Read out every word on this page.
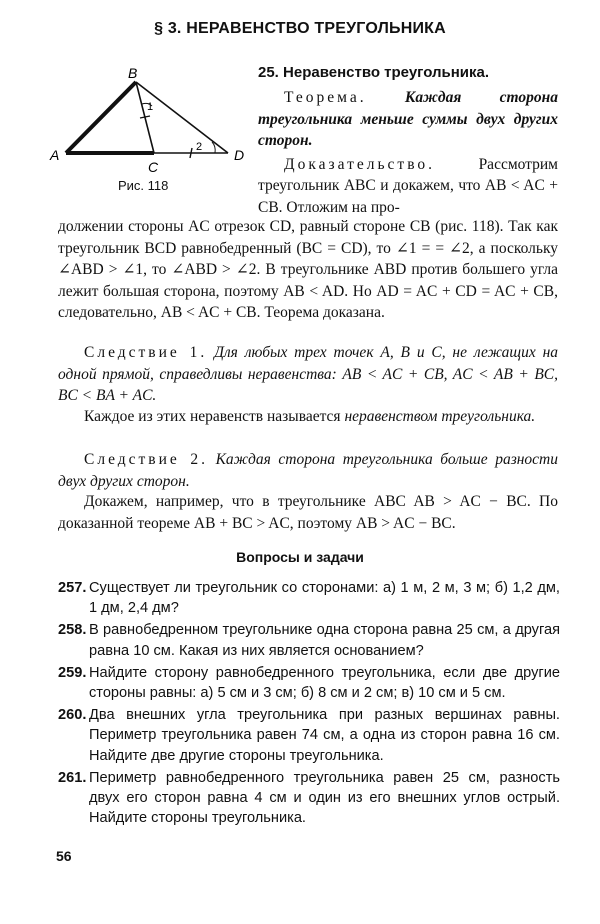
§ 3. НЕРАВЕНСТВО ТРЕУГОЛЬНИКА
A
B
C
D
1
2
Рис. 118
25. Неравенство треугольника.

Теорема. Каждая сторона треугольника меньше суммы двух других сторон.

Доказательство.	Рассмотрим треугольник ABC и докажем, что AB < AC + CB. Отложим на про-

должении стороны AC отрезок CD, равный стороне CB (рис. 118). Так как треугольник BCD равнобедренный (BC = CD), то ∠1 = = ∠2, а поскольку ∠ABD > ∠1, то ∠ABD > ∠2. В треугольнике ABD против большего угла лежит большая сторона, поэтому AB < AD. Но AD = AC + CD = AC + CB, следовательно, AB < AC + CB. Теорема доказана.

Следствие 1. Для любых трех точек A, B и C, не лежащих на одной прямой, справедливы неравенства: AB < AC + CB, AC < AB + BC, BC < BA + AC.

Каждое из этих неравенств называется неравенством треугольника.

Следствие 2. Каждая сторона треугольника больше разности двух других сторон.

Докажем, например, что в треугольнике ABC AB > AC − BC. По доказанной теореме AB + BC > AC, поэтому AB > AC − BC.

Вопросы и задачи
257. Существует ли треугольник со сторонами: а) 1 м, 2 м, 3 м; б) 1,2 дм, 1 дм, 2,4 дм?
258. В равнобедренном треугольнике одна сторона равна 25 см, а другая равна 10 см. Какая из них является основанием?
259. Найдите сторону равнобедренного треугольника, если две другие стороны равны: а) 5 см и 3 см; б) 8 см и 2 см; в) 10 см и 5 см.
260. Два внешних угла треугольника при разных вершинах равны. Периметр треугольника равен 74 см, а одна из сторон равна 16 см. Найдите две другие стороны треугольника.
261. Периметр равнобедренного треугольника равен 25 см, разность двух его сторон равна 4 см и один из его внешних углов острый. Найдите стороны треугольника.
56
